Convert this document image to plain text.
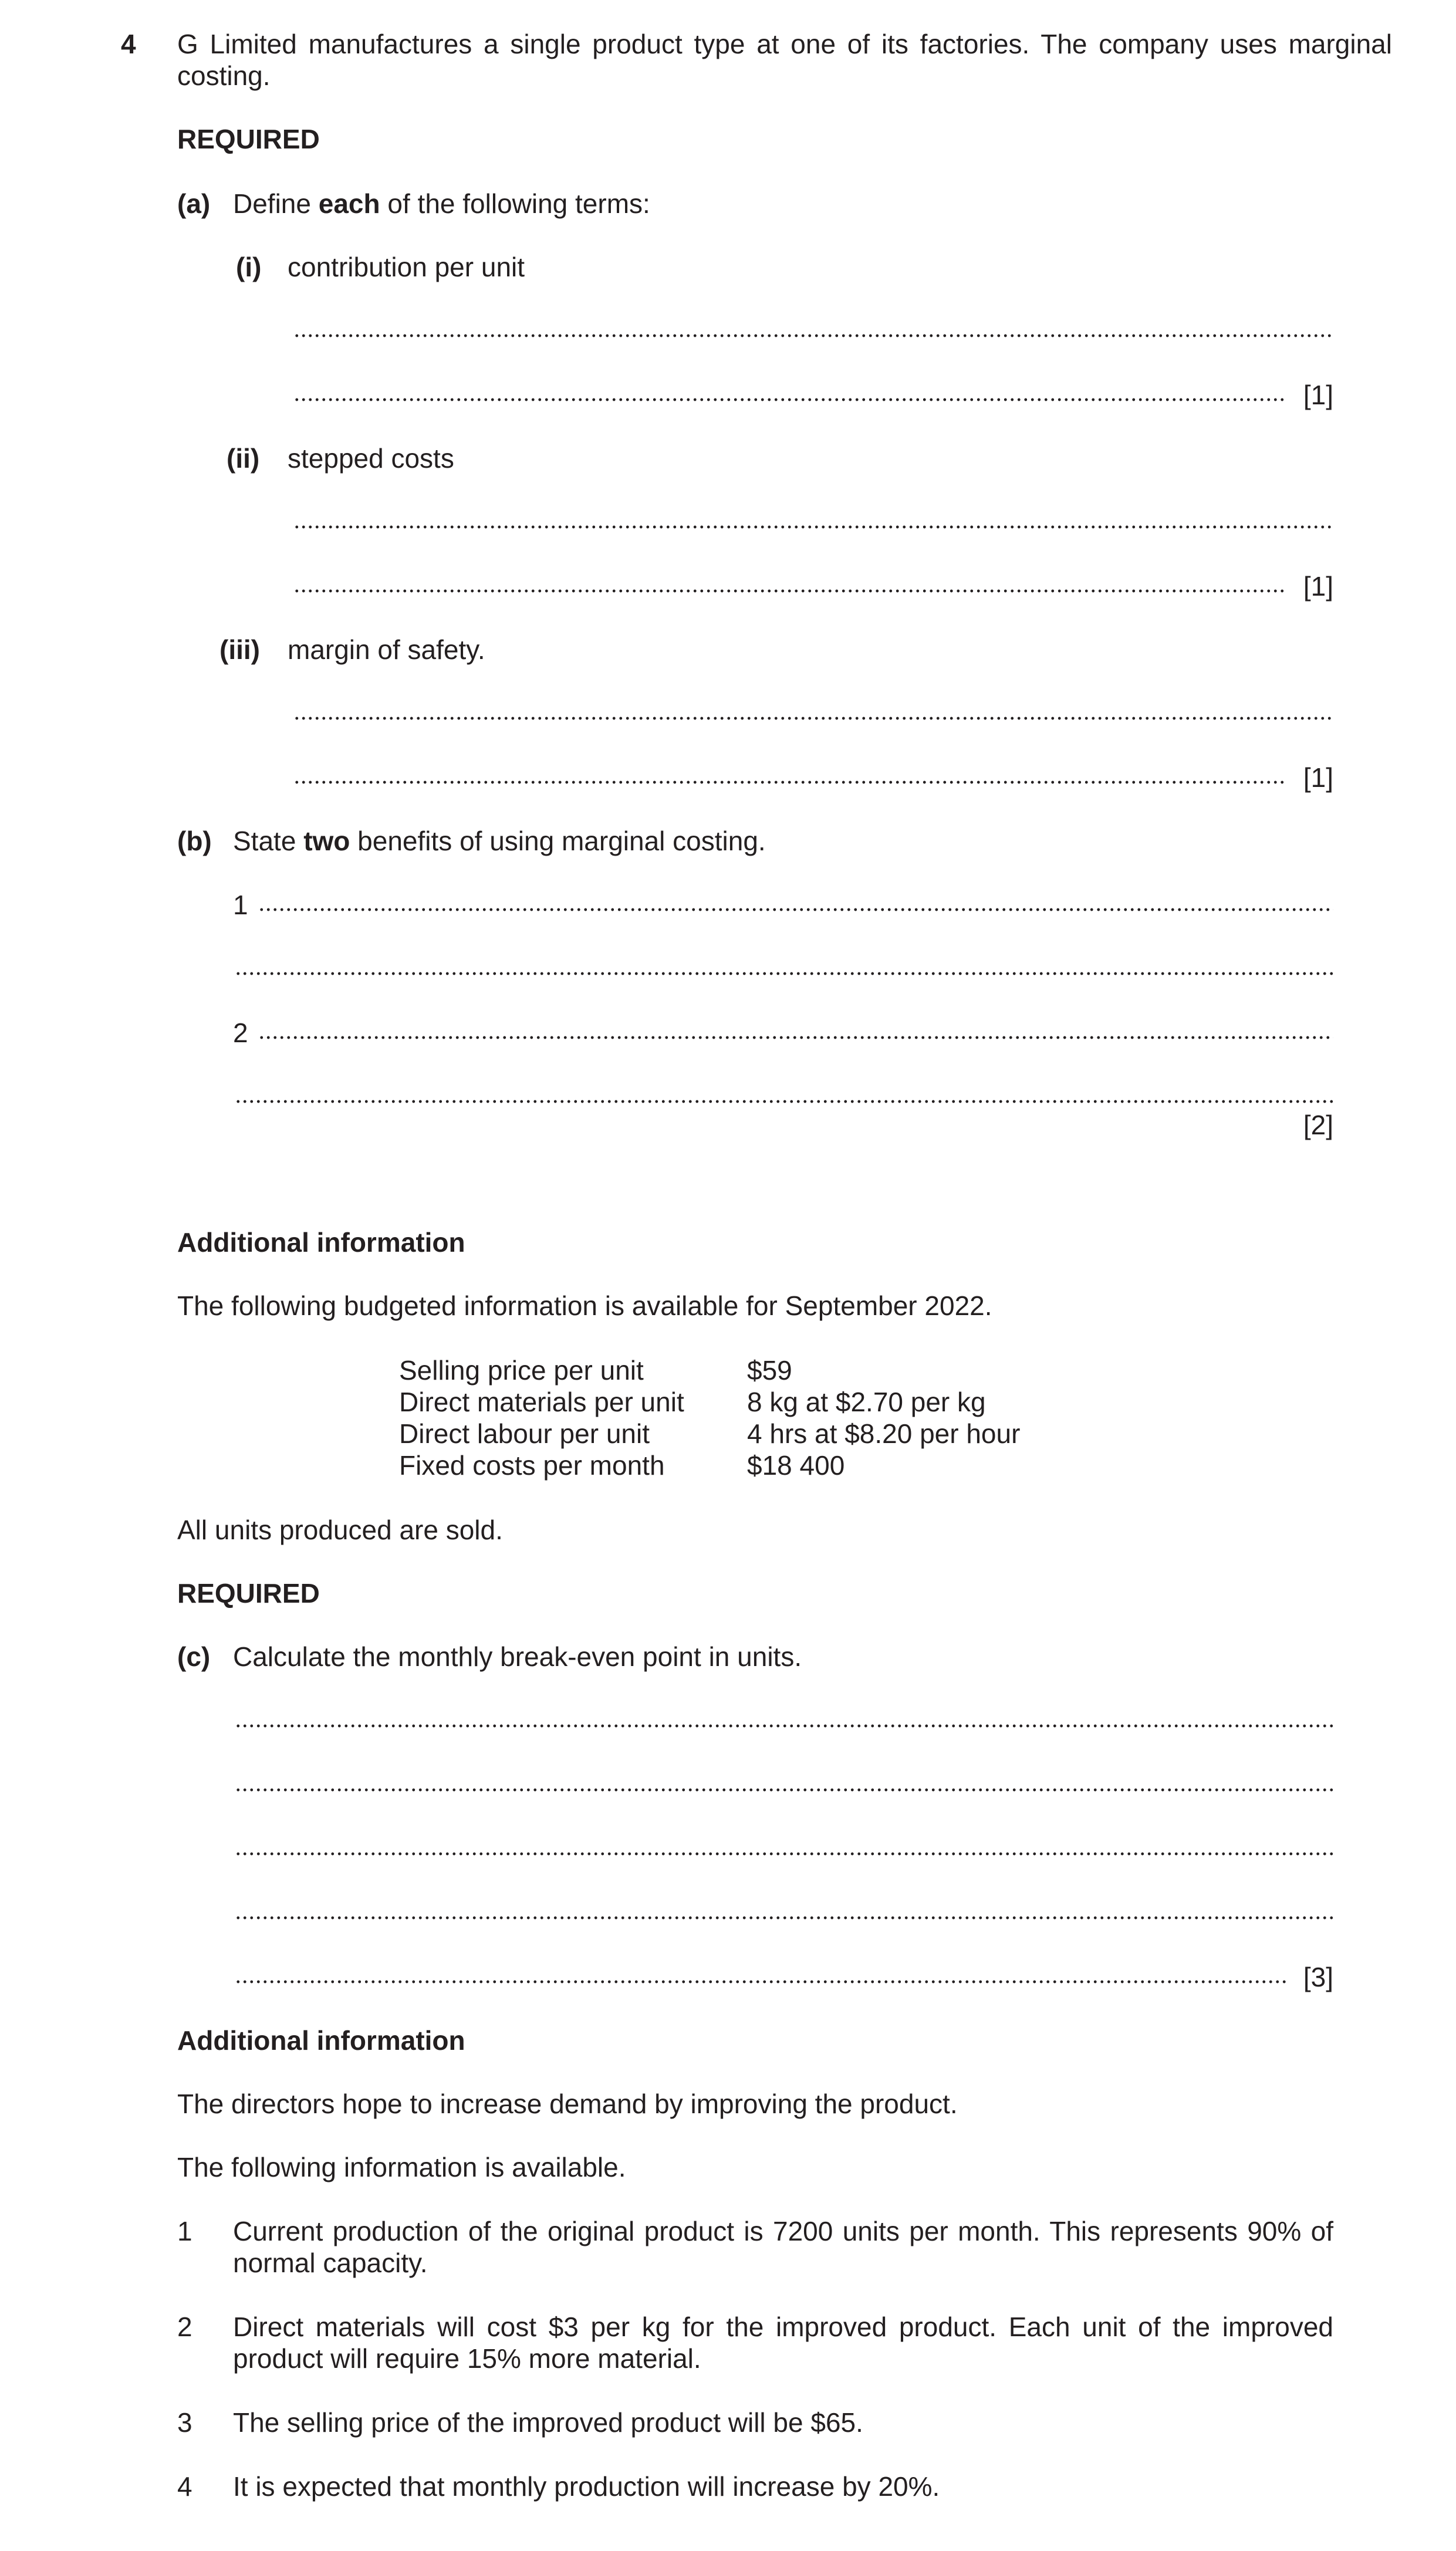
4 G Limited manufactures a single product type at one of its factories. The company uses marginal costing.
REQUIRED
(a) Define each of the following terms:
(i) contribution per unit
[1]
(ii) stepped costs
[1]
(iii) margin of safety.
[1]
(b) State two benefits of using marginal costing.
1
2
[2]
Additional information
The following budgeted information is available for September 2022.
Selling price per unit	$59
Direct materials per unit 8 kg at $2.70 per kg
Direct labour per unit	4 hrs at $8.20 per hour
Fixed costs per month	$18 400
All units produced are sold.
REQUIRED
(c) Calculate the monthly break-even point in units.
[3]
Additional information
The directors hope to increase demand by improving the product.
The following information is available.
1 Current production of the original product is 7200 units per month. This represents 90% of normal capacity.
2 Direct materials will cost $3 per kg for the improved product. Each unit of the improved product will require 15% more material.
3 The selling price of the improved product will be $65.
4 It is expected that monthly production will increase by 20%.
